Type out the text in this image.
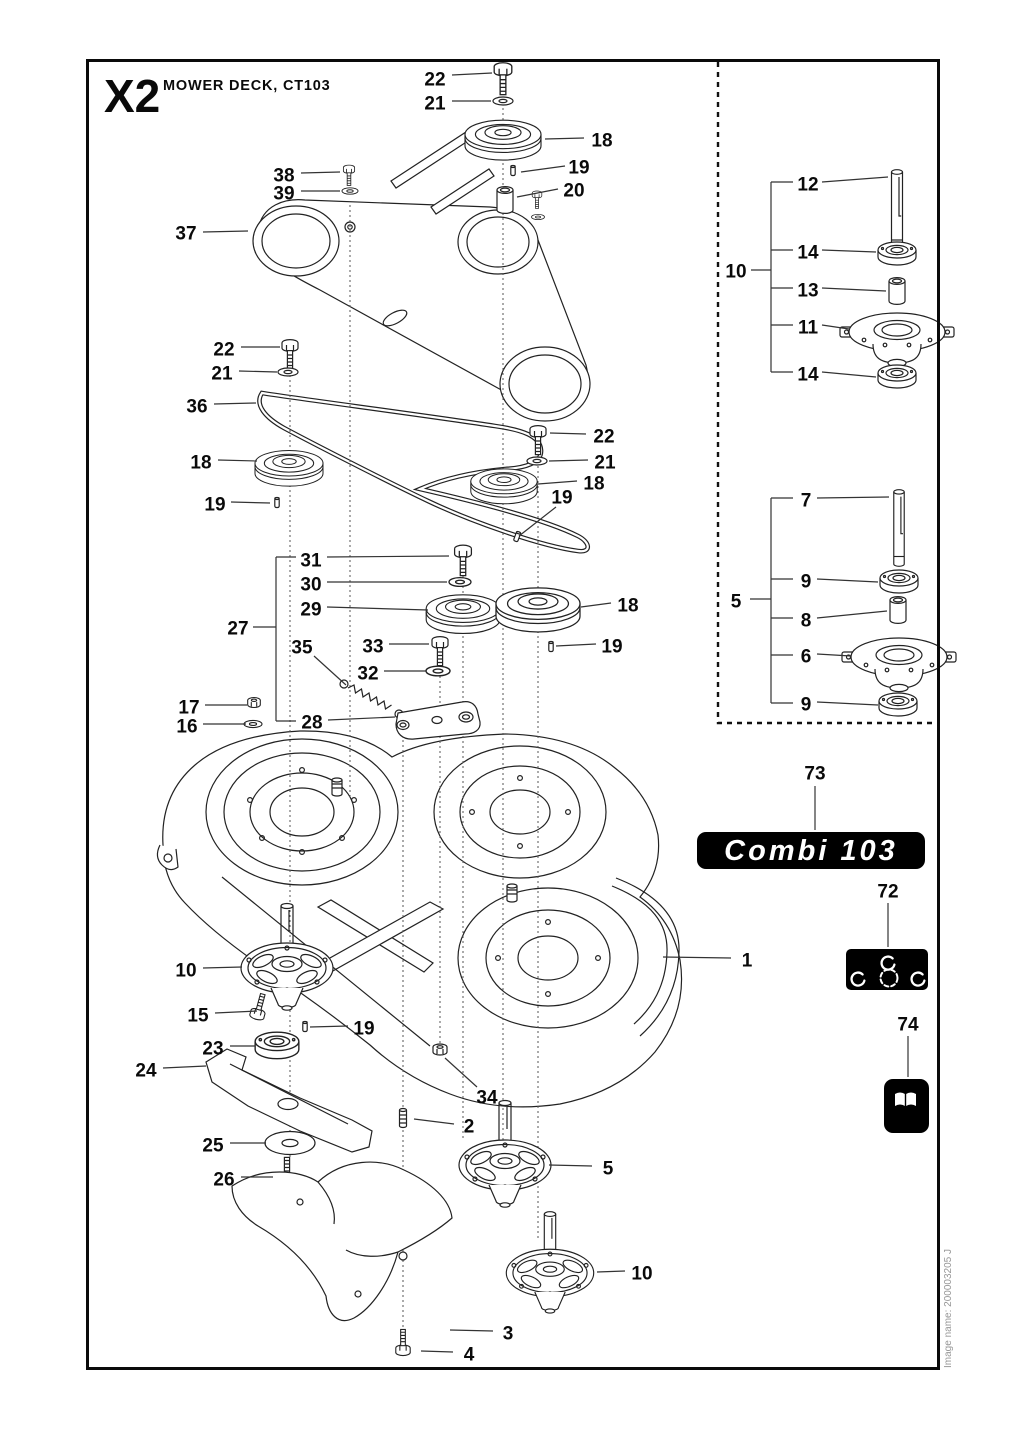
Combi 103
X2 MOWER DECK, CT103
Image name: 200003205 J
22
21
18
19
20
38
39
37
12
14
10
13
11
14
7
9
5
8
6
9
22
21
36
18
19
22
21
18
19
31
30
29
27
35	33
32
28
17
16
18
19
73
1
72
74
10
15
19
23
24
34
2
25
26
5
10
3
4
